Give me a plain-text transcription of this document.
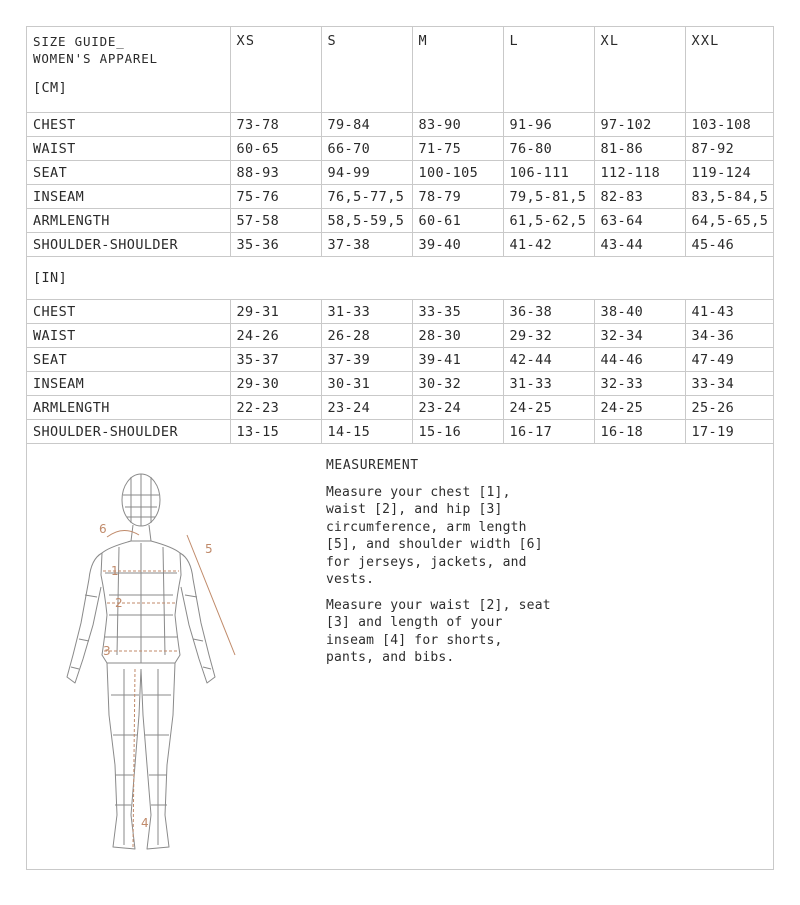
SIZE GUIDE_
WOMEN'S APPAREL
[CM]	XS	S	M	L	XL	XXL
CHEST	73-78	79-84	83-90	91-96	97-102	103-108
WAIST	60-65	66-70	71-75	76-80	81-86	87-92
SEAT	88-93	94-99	100-105	106-111	112-118	119-124
INSEAM	75-76	76,5-77,5	78-79	79,5-81,5	82-83	83,5-84,5
ARMLENGTH	57-58	58,5-59,5	60-61	61,5-62,5	63-64	64,5-65,5
SHOULDER-SHOULDER	35-36	37-38	39-40	41-42	43-44	45-46
[IN]						
CHEST	29-31	31-33	33-35	36-38	38-40	41-43
WAIST	24-26	26-28	28-30	29-32	32-34	34-36
SEAT	35-37	37-39	39-41	42-44	44-46	47-49
INSEAM	29-30	30-31	30-32	31-33	32-33	33-34
ARMLENGTH	22-23	23-24	23-24	24-25	24-25	25-26
SHOULDER-SHOULDER	13-15	14-15	15-16	16-17	16-18	17-19
1
2
3
4
5
6
MEASUREMENT

Measure your chest [1], waist [2], and hip [3] circumference, arm length [5], and shoulder width [6] for jerseys, jackets, and vests.

Measure your waist [2], seat [3] and length of your inseam [4] for shorts, pants, and bibs.
